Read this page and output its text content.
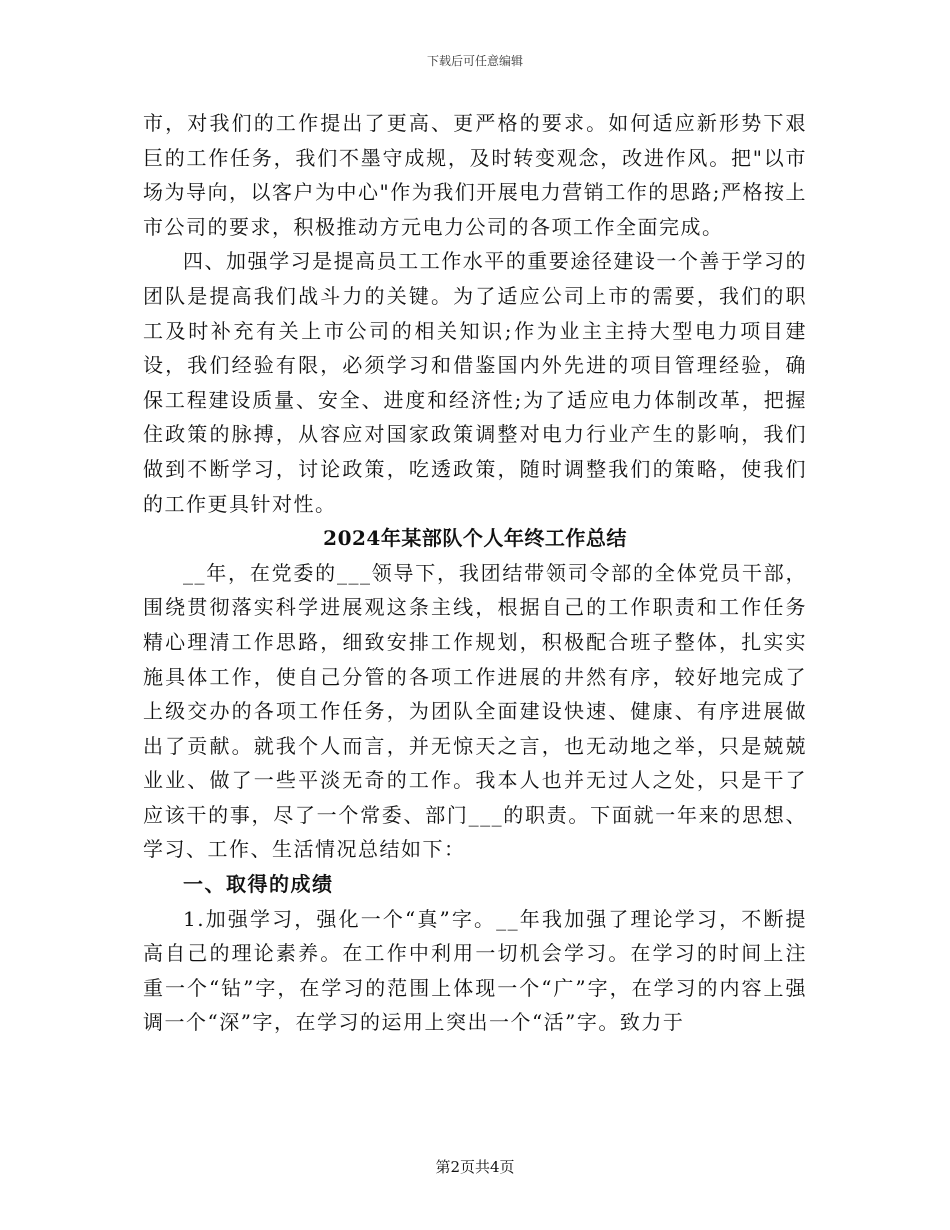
下载后可任意编辑

市，对我们的工作提出了更高、更严格的要求。如何适应新形势下艰巨的工作任务，我们不墨守成规，及时转变观念，改进作风。把"以市场为导向，以客户为中心"作为我们开展电力营销工作的思路;严格按上市公司的要求，积极推动方元电力公司的各项工作全面完成。

四、加强学习是提高员工工作水平的重要途径建设一个善于学习的团队是提高我们战斗力的关键。为了适应公司上市的需要，我们的职工及时补充有关上市公司的相关知识;作为业主主持大型电力项目建设，我们经验有限，必须学习和借鉴国内外先进的项目管理经验，确保工程建设质量、安全、进度和经济性;为了适应电力体制改革，把握住政策的脉搏，从容应对国家政策调整对电力行业产生的影响，我们做到不断学习，讨论政策，吃透政策，随时调整我们的策略，使我们的工作更具针对性。

2024年某部队个人年终工作总结

__年，在党委的___领导下，我团结带领司令部的全体党员干部，围绕贯彻落实科学进展观这条主线，根据自己的工作职责和工作任务精心理清工作思路，细致安排工作规划，积极配合班子整体，扎实实施具体工作，使自己分管的各项工作进展的井然有序，较好地完成了上级交办的各项工作任务，为团队全面建设快速、健康、有序进展做出了贡献。就我个人而言，并无惊天之言，也无动地之举，只是兢兢业业、做了一些平淡无奇的工作。我本人也并无过人之处，只是干了应该干的事，尽了一个常委、部门___的职责。下面就一年来的思想、学习、工作、生活情况总结如下：

一、取得的成绩

1.加强学习，强化一个“真”字。__年我加强了理论学习，不断提高自己的理论素养。在工作中利用一切机会学习。在学习的时间上注重一个“钻”字，在学习的范围上体现一个“广”字，在学习的内容上强调一个“深”字，在学习的运用上突出一个“活”字。致力于

第2页共4页
